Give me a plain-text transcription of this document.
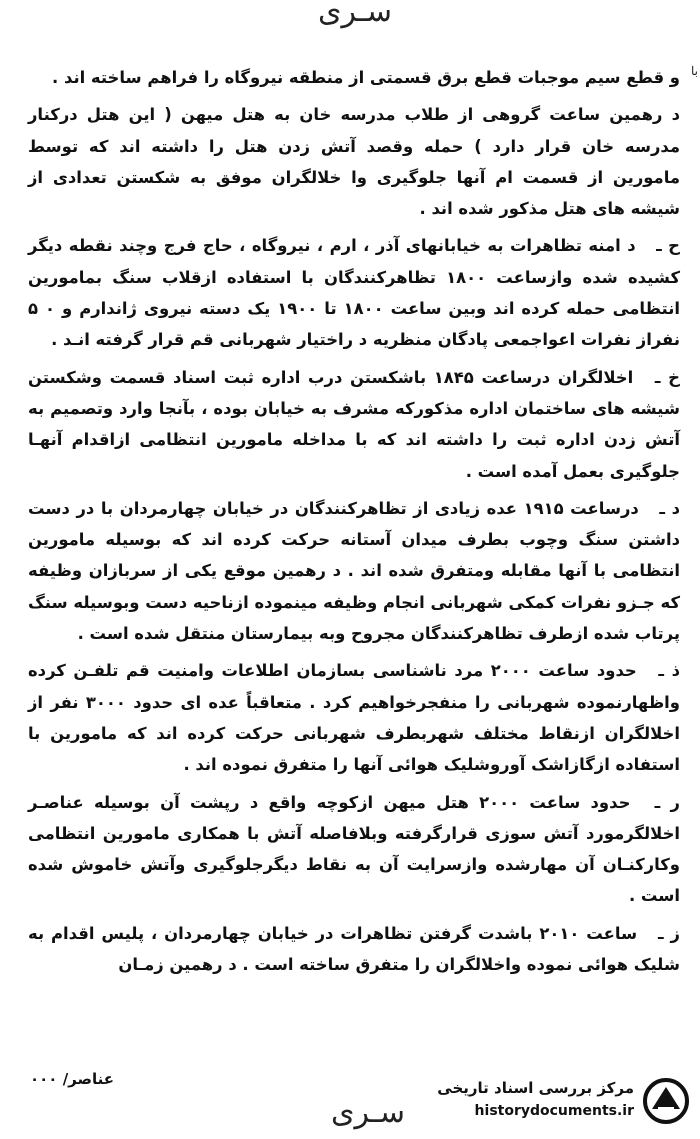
سـرى
با

و قطع سیم موجبات قطع برق قسمتی از منطقه نیروگاه را فراهم ساخته اند .

د رهمین ساعت گروهی از طلاب مدرسه خان به هتل میهن ( این هتل درکنار مدرسه خان قرار دارد ) حمله وقصد آتش زدن هتل را داشته اند که توسط مامورین از قسمت ام آنها جلوگیری وا خلالگران موفق به شکستن تعدادی از شیشه های هتل مذکور شده اند .

ح ـ د امنه تظاهرات به خیابانهای آذر ، ارم ، نیروگاه ، حاج فرج وچند نقطه دیگر کشیده شده وازساعت ۱۸۰۰ تظاهرکنندگان با استفاده ازقلاب سنگ بمامورین انتظامی حمله کرده اند وبین ساعت ۱۸۰۰ تا ۱۹۰۰ یک دسته نیروی ژاندارم و ۰ ۵ نفراز نفرات اعواجمعی پادگان منظریه د راختیار شهربانی قم قرار گرفته انـد .

خ ـ اخلالگران درساعت ۱۸۴۵ باشکستن درب اداره ثبت اسناد قسمت وشکستن شیشه های ساختمان اداره مذکورکه مشرف به خیابان بوده ، بآنجا وارد وتصمیم به آتش زدن اداره ثبت را داشته اند که با مداخله مامورین انتظامی ازاقدام آنهـا جلوگیری بعمل آمده است .

د ـ درساعت ۱۹۱۵ عده زیادی از تظاهرکنندگان در خیابان چهارمردان با در دست داشتن سنگ وچوب بطرف میدان آستانه حرکت کرده اند که بوسیله مامورین انتظامی با آنها مقابله ومتفرق شده اند . د رهمین موقع یکی از سربازان وظیفه که جـزو نفرات کمکی شهربانی انجام وظیفه مینموده ازناحیه دست وبوسیله سنگ پرتاب شده ازطرف تظاهرکنندگان مجروح وبه بیمارستان منتقل شده است .

ذ ـ حدود ساعت ۲۰۰۰ مرد ناشناسی بسازمان اطلاعات وامنیت قم تلفـن کرده واظهارنموده شهربانی را منفجرخواهیم کرد . متعاقباً عده ای حدود ۳۰۰۰ نفر از اخلالگران ازنقاط مختلف شهربطرف شهربانی حرکت کرده اند که مامورین با استفاده ازگازاشک آوروشلیک هوائی آنها را متفرق نموده اند .

ر ـ حدود ساعت ۲۰۰۰ هتل میهن ازکوچه واقع د رپشت آن بوسیله عناصـر اخلالگرمورد آتش سوزی قرارگرفته وبلافاصله آتش با همکاری مامورین انتظامی وکارکنـان آن مهارشده وازسرایت آن به نقاط دیگرجلوگیری وآتش خاموش شده است .

ز ـ ساعت ۲۰۱۰ باشدت گرفتن تظاهرات در خیابان چهارمردان ، پلیس اقدام به شلیک هوائی نموده واخلالگران را متفرق ساخته است . د رهمین زمـان

عناصر/ ۰۰۰
سـرى
مرکز بررسی اسناد تاریخی
historydocuments.ir
